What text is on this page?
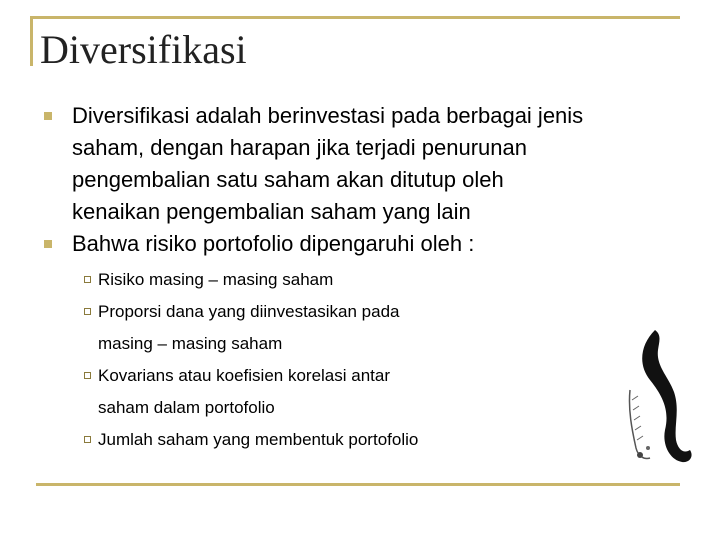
Diversifikasi
Diversifikasi adalah berinvestasi pada berbagai jenis
saham, dengan harapan jika terjadi penurunan
pengembalian satu saham akan ditutup oleh
kenaikan pengembalian saham yang lain
Bahwa risiko portofolio dipengaruhi oleh :
Risiko masing – masing saham
Proporsi dana yang diinvestasikan pada
masing – masing saham
Kovarians atau koefisien korelasi antar
saham dalam portofolio
Jumlah saham yang membentuk portofolio
